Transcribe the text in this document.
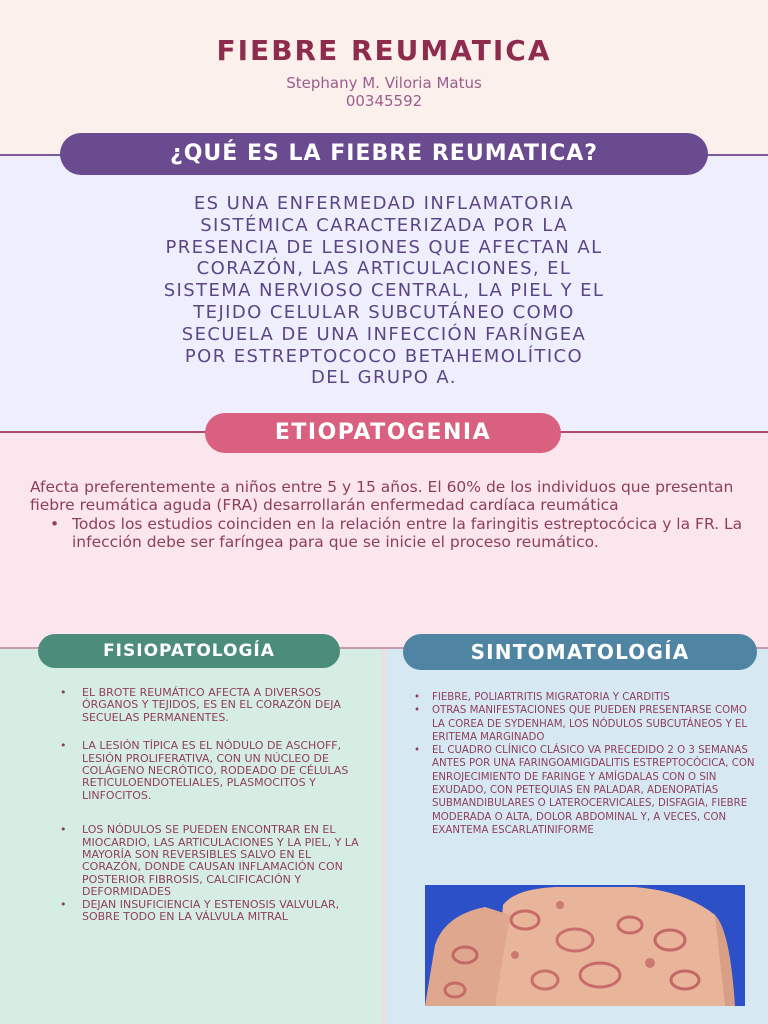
FIEBRE REUMATICA
Stephany M. Viloria Matus
00345592
¿QUÉ ES LA FIEBRE REUMATICA?
ES UNA ENFERMEDAD INFLAMATORIA
SISTÉMICA CARACTERIZADA POR LA
PRESENCIA DE LESIONES QUE AFECTAN AL
CORAZÓN, LAS ARTICULACIONES, EL
SISTEMA NERVIOSO CENTRAL, LA PIEL Y EL
TEJIDO CELULAR SUBCUTÁNEO COMO
SECUELA DE UNA INFECCIÓN FARÍNGEA
POR ESTREPTOCOCO BETAHEMOLÍTICO
DEL GRUPO A.
ETIOPATOGENIA

Afecta preferentemente a niños entre 5 y 15 años. El 60% de los individuos que presentan fiebre reumática aguda (FRA) desarrollarán enfermedad cardíaca reumática

• Todos los estudios coinciden en la relación entre la faringitis estreptocócica y la FR. La infección debe ser faríngea para que se inicie el proceso reumático.
FISIOPATOLOGÍA	SINTOMATOLOGÍA
• EL BROTE REUMÁTICO AFECTA A DIVERSOS ÓRGANOS Y TEJIDOS, ES EN EL CORAZÓN DEJA SECUELAS PERMANENTES.
• LA LESIÓN TÍPICA ES EL NÓDULO DE ASCHOFF, LESIÓN PROLIFERATIVA, CON UN NÚCLEO DE COLÁGENO NECRÓTICO, RODEADO DE CÉLULAS RETICULOENDOTELIALES, PLASMOCITOS Y LINFOCITOS.
• LOS NÓDULOS SE PUEDEN ENCONTRAR EN EL MIOCARDIO, LAS ARTICULACIONES Y LA PIEL, Y LA MAYORÍA SON REVERSIBLES SALVO EN EL CORAZÓN, DONDE CAUSAN INFLAMACIÓN CON POSTERIOR FIBROSIS, CALCIFICACIÓN Y DEFORMIDADES
• DEJAN INSUFICIENCIA Y ESTENOSIS VALVULAR, SOBRE TODO EN LA VÁLVULA MITRAL
• FIEBRE, POLIARTRITIS MIGRATORIA Y CARDITIS
• OTRAS MANIFESTACIONES QUE PUEDEN PRESENTARSE COMO LA COREA DE SYDENHAM, LOS NÓDULOS SUBCUTÁNEOS Y EL ERITEMA MARGINADO
• EL CUADRO CLÍNICO CLÁSICO VA PRECEDIDO 2 O 3 SEMANAS ANTES POR UNA FARINGOAMIGDALITIS ESTREPTOCÓCICA, CON ENROJECIMIENTO DE FARINGE Y AMÍGDALAS CON O SIN EXUDADO, CON PETEQUIAS EN PALADAR, ADENOPATÍAS SUBMANDIBULARES O LATEROCERVICALES, DISFAGIA, FIEBRE MODERADA O ALTA, DOLOR ABDOMINAL Y, A VECES, CON EXANTEMA ESCARLATINIFORME
